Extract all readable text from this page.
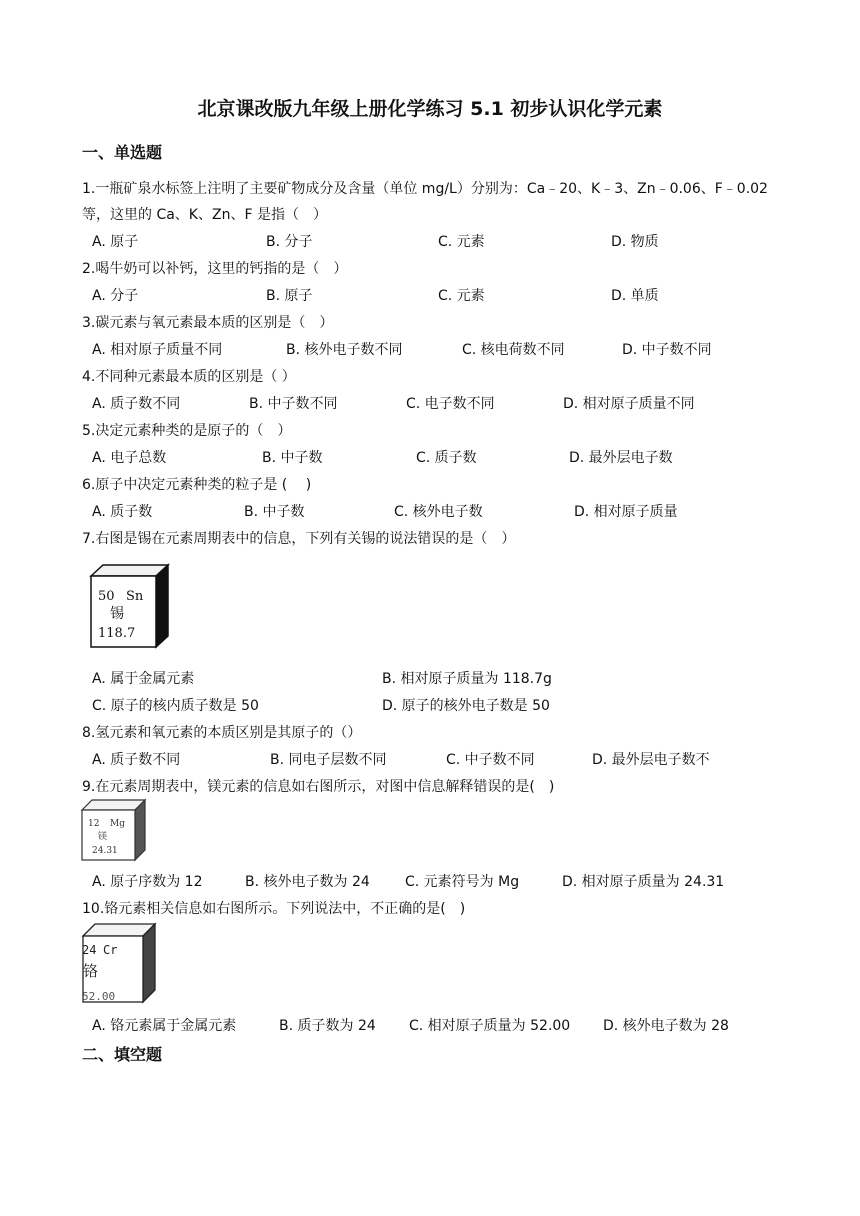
北京课改版九年级上册化学练习 5.1 初步认识化学元素
一、单选题
1.一瓶矿泉水标签上注明了主要矿物成分及含量（单位 mg/L）分别为：Ca﹣20、K﹣3、Zn﹣0.06、F﹣0.02
等，这里的 Ca、K、Zn、F 是指（　）
A. 原子	B. 分子	C. 元素	D. 物质
2.喝牛奶可以补钙，这里的钙指的是（　）
A. 分子	B. 原子	C. 元素	D. 单质
3.碳元素与氧元素最本质的区别是（　）
A. 相对原子质量不同	B. 核外电子数不同	C. 核电荷数不同	D. 中子数不同
4.不同种元素最本质的区别是（ ）
A. 质子数不同	B. 中子数不同	C. 电子数不同	D. 相对原子质量不同
5.决定元素种类的是原子的（　）
A. 电子总数	B. 中子数	C. 质子数	D. 最外层电子数
6.原子中决定元素种类的粒子是 (　 )
A. 质子数	B. 中子数	C. 核外电子数	D. 相对原子质量
7.右图是锡在元素周期表中的信息，下列有关锡的说法错误的是（　）
50 Sn
锡
118.7
A. 属于金属元素	B. 相对原子质量为 118.7g
C. 原子的核内质子数是 50	D. 原子的核外电子数是 50
8.氢元素和氧元素的本质区别是其原子的（）
A. 质子数不同	B. 同电子层数不同	C. 中子数不同	D. 最外层电子数不
9.在元素周期表中，镁元素的信息如右图所示，对图中信息解释错误的是(　)
12 Mg
镁
24.31
A. 原子序数为 12	B. 核外电子数为 24	C. 元素符号为 Mg	D. 相对原子质量为 24.31
10.铬元素相关信息如右图所示。下列说法中，不正确的是(　)
24 Cr
铬
52.00
A. 铬元素属于金属元素	B. 质子数为 24 C. 相对原子质量为 52.00 D. 核外电子数为 28
二、填空题
